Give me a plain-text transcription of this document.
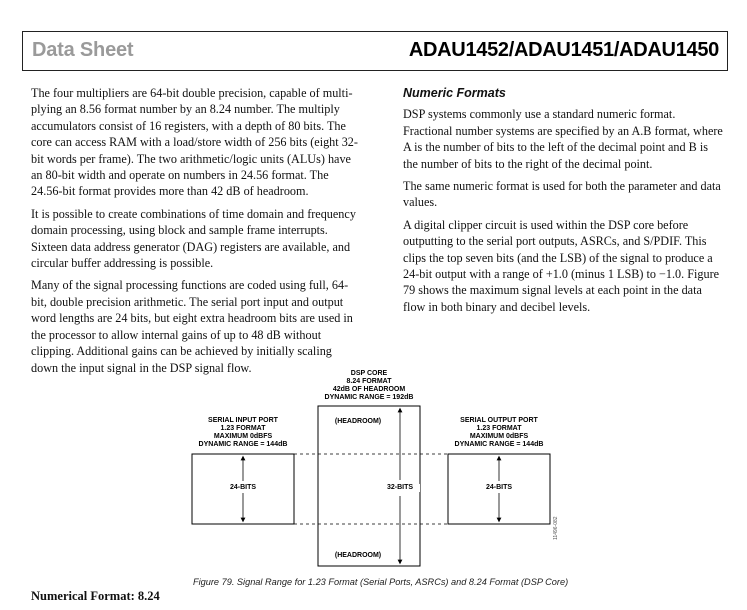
Data Sheet	ADAU1452/ADAU1451/ADAU1450

The four multipliers are 64-bit double precision, capable of multi-plying an 8.56 format number by an 8.24 number. The multiply accumulators consist of 16 registers, with a depth of 80 bits. The core can access RAM with a load/store width of 256 bits (eight 32-bit words per frame). The two arithmetic/logic units (ALUs) have an 80-bit width and operate on numbers in 24.56 format. The 24.56-bit format provides more than 42 dB of headroom.

It is possible to create combinations of time domain and frequency domain processing, using block and sample frame interrupts. Sixteen data address generator (DAG) registers are available, and circular buffer addressing is possible.

Many of the signal processing functions are coded using full, 64-bit, double precision arithmetic. The serial port input and output word lengths are 24 bits, but eight extra headroom bits are used in the processor to allow internal gains of up to 48 dB without clipping. Additional gains can be achieved by initially scaling down the input signal in the DSP signal flow.

Numeric Formats

DSP systems commonly use a standard numeric format. Fractional number systems are specified by an A.B format, where A is the number of bits to the left of the decimal point and B is the number of bits to the right of the decimal point.

The same numeric format is used for both the parameter and data values.

A digital clipper circuit is used within the DSP core before outputting to the serial port outputs, ASRCs, and S/PDIF. This clips the top seven bits (and the LSB) of the signal to produce a 24-bit output with a range of +1.0 (minus 1 LSB) to −1.0. Figure 79 shows the maximum signal levels at each point in the data flow in both binary and decibel levels.

DSP CORE
8.24 FORMAT
42dB OF HEADROOM
DYNAMIC RANGE = 192dB
SERIAL INPUT PORT
1.23 FORMAT
MAXIMUM 0dBFS
DYNAMIC RANGE = 144dB
SERIAL OUTPUT PORT
1.23 FORMAT
MAXIMUM 0dBFS
DYNAMIC RANGE = 144dB
(HEADROOM)
(HEADROOM)
24-BITS	32-BITS	24-BITS
11496-082
Figure 79. Signal Range for 1.23 Format (Serial Ports, ASRCs) and 8.24 Format (DSP Core)
Numerical Format: 8.24
